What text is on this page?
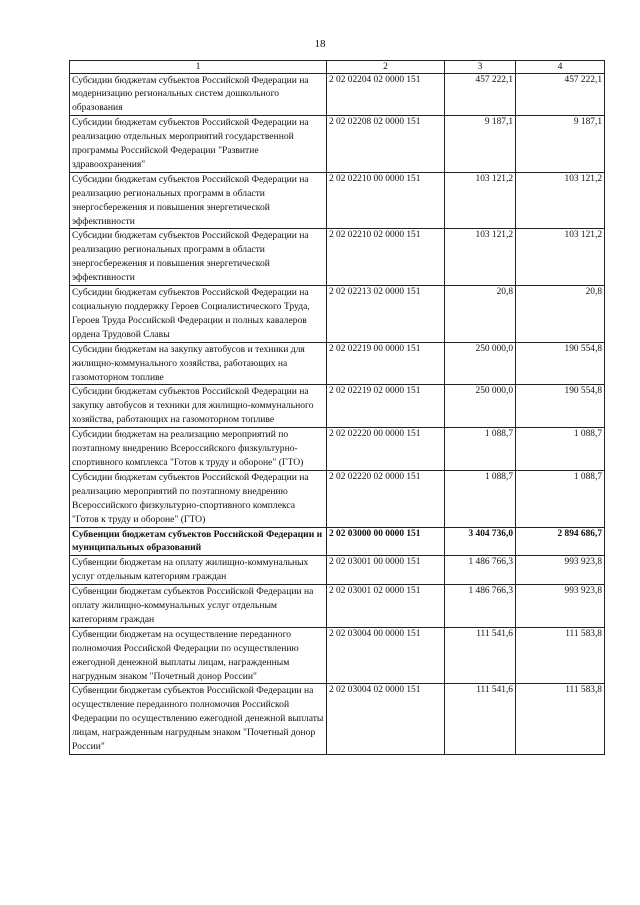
18
1	2	3	4
Субсидии бюджетам субъектов Российской Федерации на модернизацию региональных систем дошкольного образования	2 02 02204 02 0000 151	457 222,1	457 222,1
Субсидии бюджетам субъектов Российской Федерации на реализацию отдельных мероприятий государственной программы Российской Федерации "Развитие здравоохранения"	2 02 02208 02 0000 151	9 187,1	9 187,1
Субсидии бюджетам субъектов Российской Федерации на реализацию региональных программ в области энергосбережения и повышения энергетической эффективности	2 02 02210 00 0000 151	103 121,2	103 121,2
Субсидии бюджетам субъектов Российской Федерации на реализацию региональных программ в области энергосбережения и повышения энергетической эффективности	2 02 02210 02 0000 151	103 121,2	103 121,2
Субсидии бюджетам субъектов Российской Федерации на социальную поддержку Героев Социалистического Труда, Героев Труда Российской Федерации и полных кавалеров ордена Трудовой Славы	2 02 02213 02 0000 151	20,8	20,8
Субсидии бюджетам на закупку автобусов и техники для жилищно-коммунального хозяйства, работающих на газомоторном топливе	2 02 02219 00 0000 151	250 000,0	190 554,8
Субсидии бюджетам субъектов Российской Федерации на закупку автобусов и техники для жилищно-коммунального хозяйства, работающих на газомоторном топливе	2 02 02219 02 0000 151	250 000,0	190 554,8
Субсидии бюджетам на реализацию мероприятий по поэтапному внедрению Всероссийского физкультурно-спортивного комплекса "Готов к труду и обороне" (ГТО)	2 02 02220 00 0000 151	1 088,7	1 088,7
Субсидии бюджетам субъектов Российской Федерации на реализацию мероприятий по поэтапному внедрению Всероссийского физкультурно-спортивного комплекса "Готов к труду и обороне" (ГТО)	2 02 02220 02 0000 151	1 088,7	1 088,7
Субвенции бюджетам субъектов Российской Федерации и муниципальных образований	2 02 03000 00 0000 151	3 404 736,0	2 894 686,7
Субвенции бюджетам на оплату жилищно-коммунальных услуг отдельным категориям граждан	2 02 03001 00 0000 151	1 486 766,3	993 923,8
Субвенции бюджетам субъектов Российской Федерации на оплату жилищно-коммунальных услуг отдельным категориям граждан	2 02 03001 02 0000 151	1 486 766,3	993 923,8
Субвенции бюджетам на осуществление переданного полномочия Российской Федерации по осуществлению ежегодной денежной выплаты лицам, награжденным нагрудным знаком "Почетный донор России"	2 02 03004 00 0000 151	111 541,6	111 583,8
Субвенции бюджетам субъектов Российской Федерации на осуществление переданного полномочия Российской Федерации по осуществлению ежегодной денежной выплаты лицам, награжденным нагрудным знаком "Почетный донор России"	2 02 03004 02 0000 151	111 541,6	111 583,8
